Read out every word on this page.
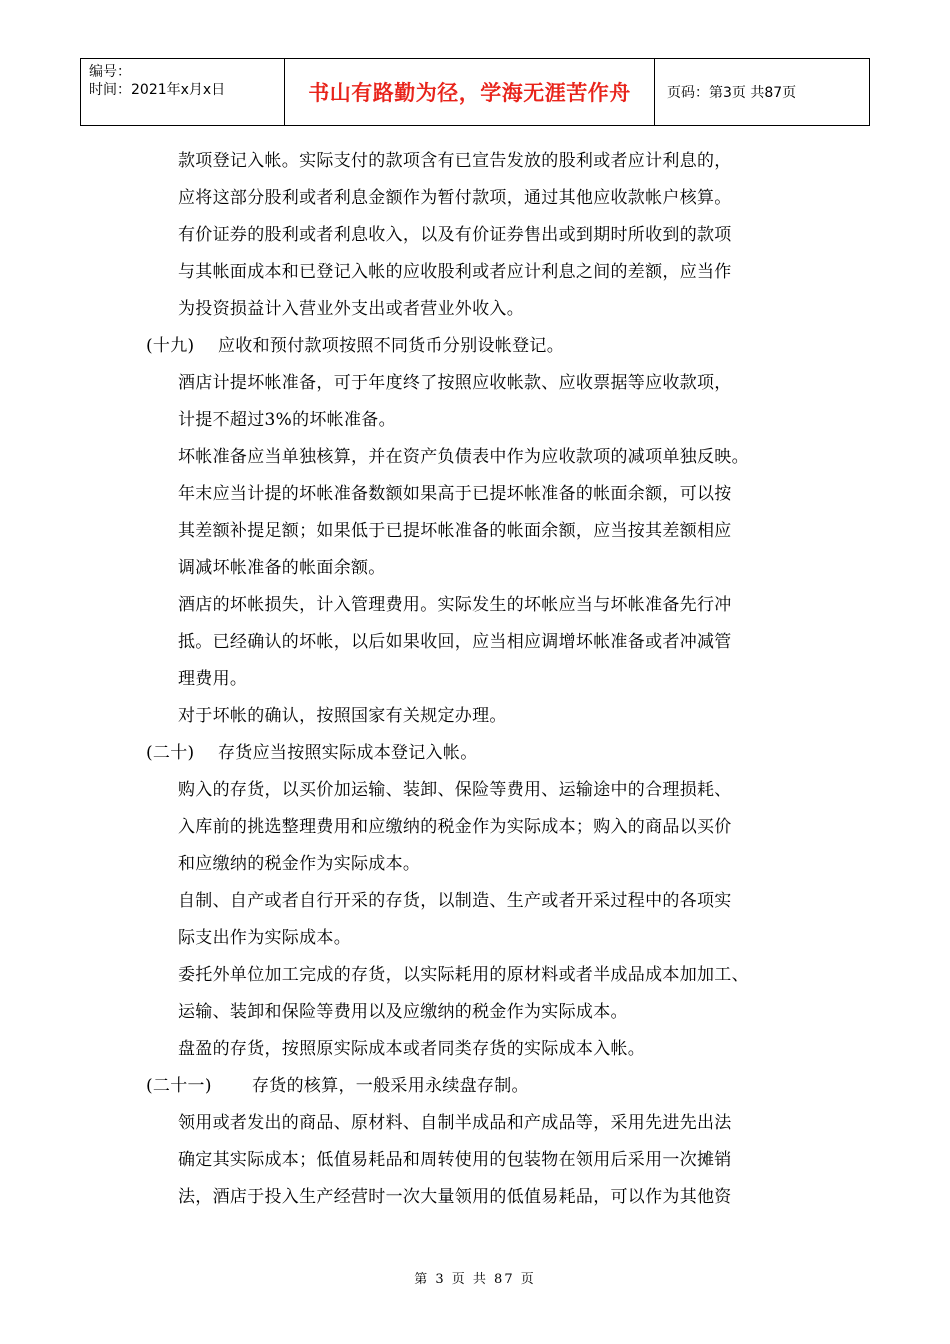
编号：
时间：2021年x月x日	书山有路勤为径，学海无涯苦作舟	页码：第3页 共87页
款项登记入帐。实际支付的款项含有已宣告发放的股利或者应计利息的，
应将这部分股利或者利息金额作为暂付款项，通过其他应收款帐户核算。
有价证券的股利或者利息收入，以及有价证券售出或到期时所收到的款项
与其帐面成本和已登记入帐的应收股利或者应计利息之间的差额，应当作
为投资损益计入营业外支出或者营业外收入。
(十九) 应收和预付款项按照不同货币分别设帐登记。
酒店计提坏帐准备，可于年度终了按照应收帐款、应收票据等应收款项，
计提不超过3%的坏帐准备。
坏帐准备应当单独核算，并在资产负债表中作为应收款项的减项单独反映。
年末应当计提的坏帐准备数额如果高于已提坏帐准备的帐面余额，可以按
其差额补提足额；如果低于已提坏帐准备的帐面余额，应当按其差额相应
调减坏帐准备的帐面余额。
酒店的坏帐损失，计入管理费用。实际发生的坏帐应当与坏帐准备先行冲
抵。已经确认的坏帐，以后如果收回，应当相应调增坏帐准备或者冲减管
理费用。
对于坏帐的确认，按照国家有关规定办理。
(二十) 存货应当按照实际成本登记入帐。
购入的存货，以买价加运输、装卸、保险等费用、运输途中的合理损耗、
入库前的挑选整理费用和应缴纳的税金作为实际成本；购入的商品以买价
和应缴纳的税金作为实际成本。
自制、自产或者自行开采的存货，以制造、生产或者开采过程中的各项实
际支出作为实际成本。
委托外单位加工完成的存货，以实际耗用的原材料或者半成品成本加加工、
运输、装卸和保险等费用以及应缴纳的税金作为实际成本。
盘盈的存货，按照原实际成本或者同类存货的实际成本入帐。
(二十一) 存货的核算，一般采用永续盘存制。
领用或者发出的商品、原材料、自制半成品和产成品等，采用先进先出法
确定其实际成本；低值易耗品和周转使用的包装物在领用后采用一次摊销
法，酒店于投入生产经营时一次大量领用的低值易耗品，可以作为其他资
第 3 页 共 87 页
